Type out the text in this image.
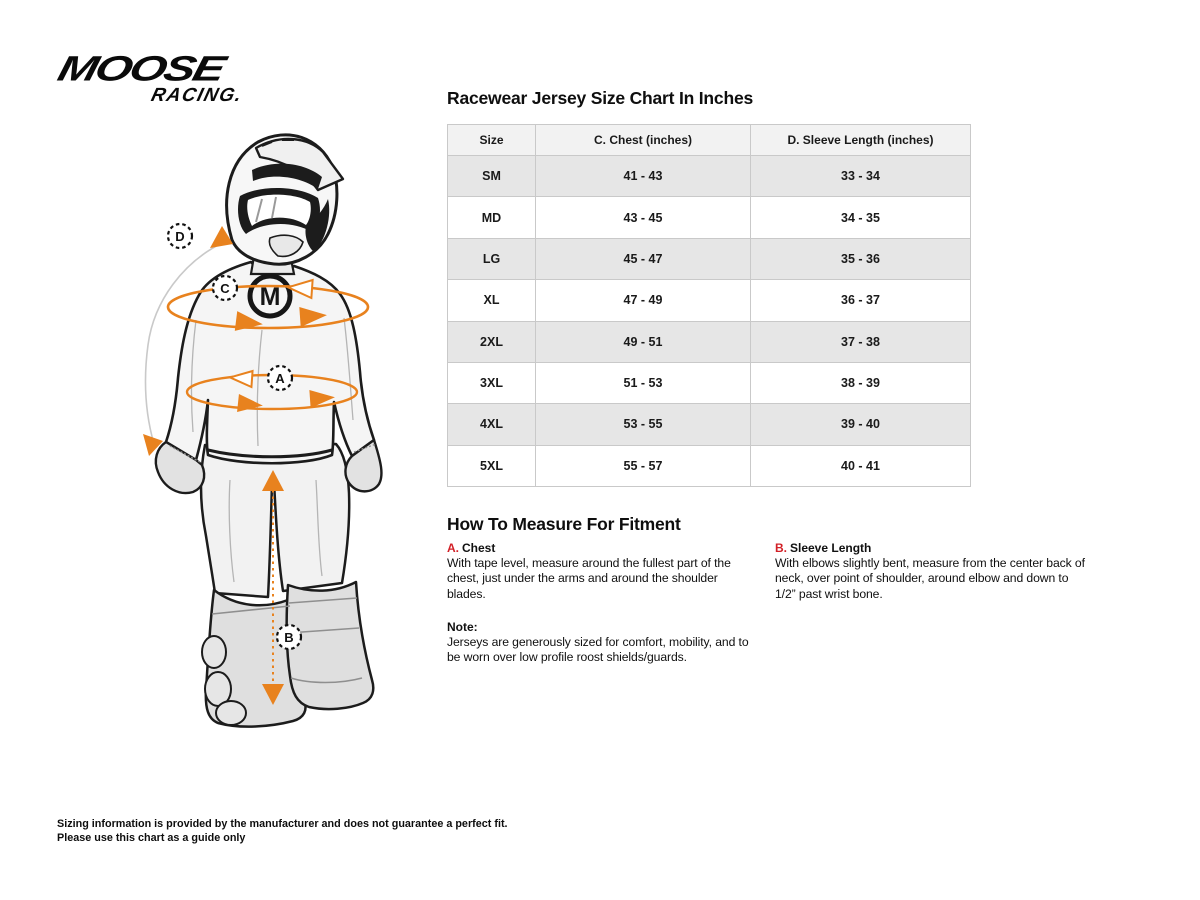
MOOSE
RACING.
M
D
C
A
B
Racewear Jersey Size Chart In Inches
Size	C. Chest (inches)	D. Sleeve Length (inches)
SM	41 - 43	33 - 34
MD	43 - 45	34 - 35
LG	45 - 47	35 - 36
XL	47 - 49	36 - 37
2XL	49 - 51	37 - 38
3XL	51 - 53	38 - 39
4XL	53 - 55	39 - 40
5XL	55 - 57	40 - 41
How To Measure For Fitment
A. Chest
With tape level, measure around the fullest part of the chest, just under the arms and around the shoulder blades.
B. Sleeve Length
With elbows slightly bent, measure from the center back of neck, over point of shoulder, around elbow and down to 1/2” past wrist bone.
Note:
Jerseys are generously sized for comfort, mobility, and to be worn over low profile roost shields/guards.
Sizing information is provided by the manufacturer and does not guarantee a perfect fit.
Please use this chart as a guide only
